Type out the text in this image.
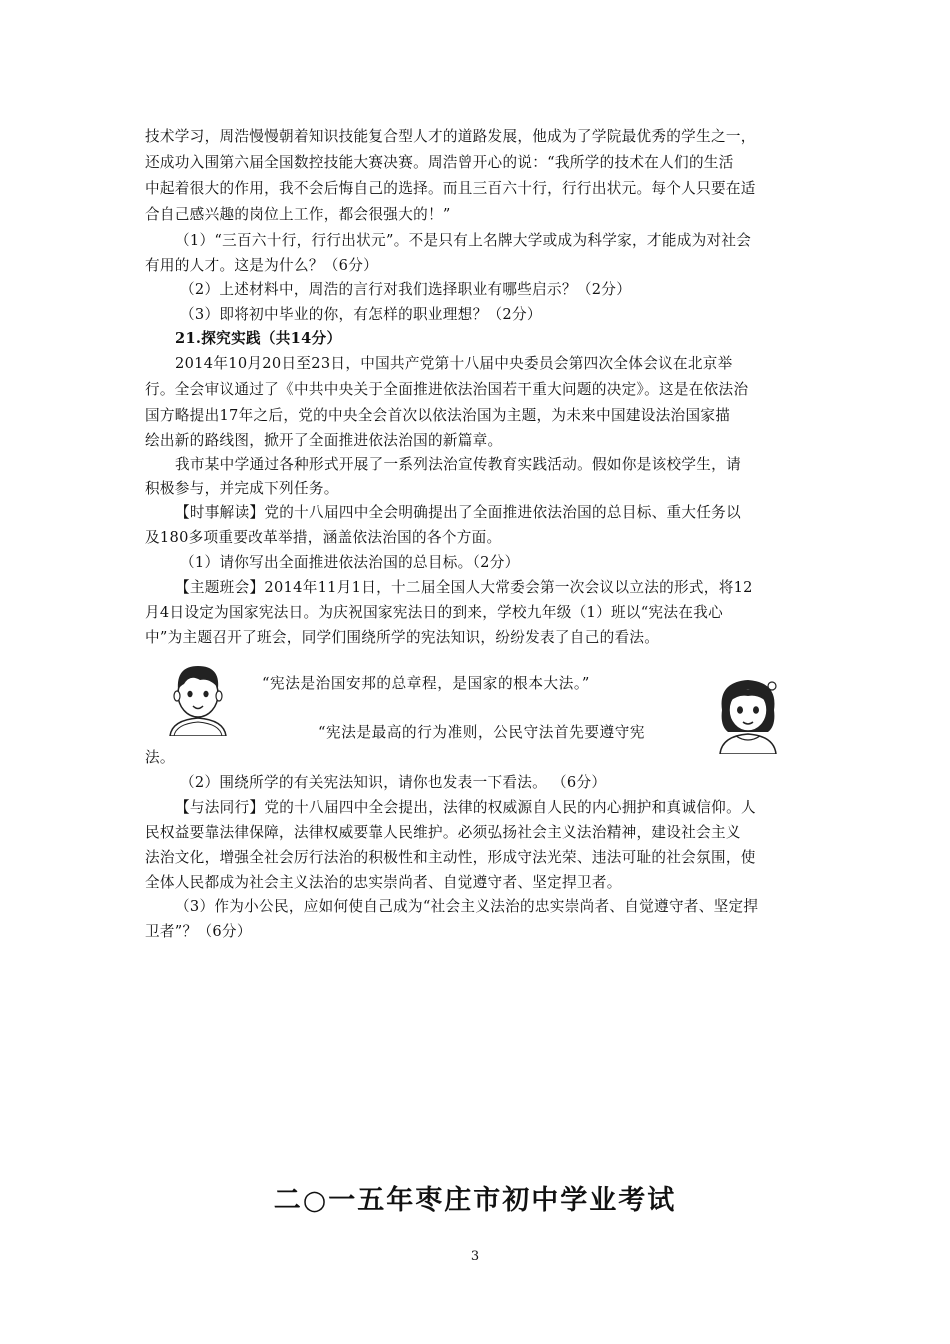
技术学习，周浩慢慢朝着知识技能复合型人才的道路发展，他成为了学院最优秀的学生之一，
还成功入围第六届全国数控技能大赛决赛。周浩曾开心的说：“我所学的技术在人们的生活
中起着很大的作用，我不会后悔自己的选择。而且三百六十行，行行出状元。每个人只要在适
合自己感兴趣的岗位上工作，都会很强大的！”
（1）“三百六十行，行行出状元”。不是只有上名牌大学或成为科学家，才能成为对社会
有用的人才。这是为什么？（6分）
（2）上述材料中，周浩的言行对我们选择职业有哪些启示？（2分）
（3）即将初中毕业的你，有怎样的职业理想？（2分）
21.探究实践（共14分）
2014年10月20日至23日，中国共产党第十八届中央委员会第四次全体会议在北京举
行。全会审议通过了《中共中央关于全面推进依法治国若干重大问题的决定》。这是在依法治
国方略提出17年之后，党的中央全会首次以依法治国为主题，为未来中国建设法治国家描
绘出新的路线图，掀开了全面推进依法治国的新篇章。
我市某中学通过各种形式开展了一系列法治宣传教育实践活动。假如你是该校学生，请
积极参与，并完成下列任务。
【时事解读】党的十八届四中全会明确提出了全面推进依法治国的总目标、重大任务以
及180多项重要改革举措，涵盖依法治国的各个方面。
（1）请你写出全面推进依法治国的总目标。（2分）
【主题班会】2014年11月1日，十二届全国人大常委会第一次会议以立法的形式，将12
月4日设定为国家宪法日。为庆祝国家宪法日的到来，学校九年级（1）班以“宪法在我心
中”为主题召开了班会，同学们围绕所学的宪法知识，纷纷发表了自己的看法。
“宪法是治国安邦的总章程，是国家的根本大法。”
“宪法是最高的行为准则，公民守法首先要遵守宪
法。
（2）围绕所学的有关宪法知识，请你也发表一下看法。 （6分）
【与法同行】党的十八届四中全会提出，法律的权威源自人民的内心拥护和真诚信仰。人
民权益要靠法律保障，法律权威要靠人民维护。必须弘扬社会主义法治精神，建设社会主义
法治文化，增强全社会厉行法治的积极性和主动性，形成守法光荣、违法可耻的社会氛围，使
全体人民都成为社会主义法治的忠实崇尚者、自觉遵守者、坚定捍卫者。
（3）作为小公民，应如何使自己成为“社会主义法治的忠实崇尚者、自觉遵守者、坚定捍
卫者”？（6分）
二○一五年枣庄市初中学业考试
3
